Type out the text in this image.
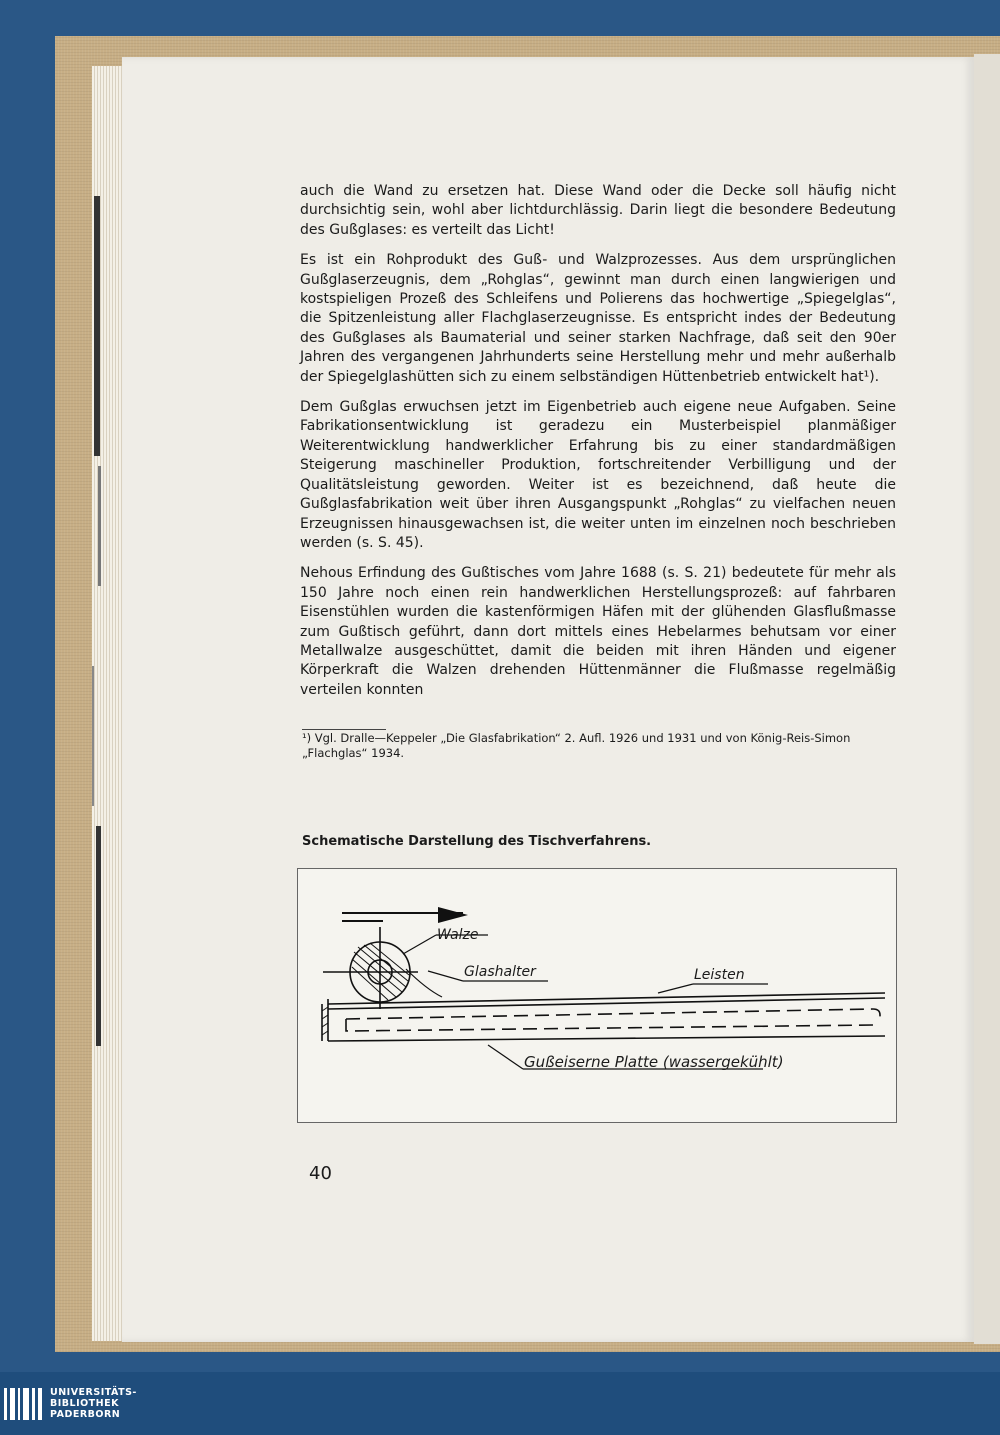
auch die Wand zu ersetzen hat. Diese Wand oder die Decke soll häufig nicht durchsichtig sein, wohl aber lichtdurchlässig. Darin liegt die besondere Bedeutung des Gußglases: es verteilt das Licht!

Es ist ein Rohprodukt des Guß- und Walzprozesses. Aus dem ursprünglichen Gußglaserzeugnis, dem „Rohglas“, gewinnt man durch einen langwierigen und kostspieligen Prozeß des Schleifens und Polierens das hochwertige „Spiegelglas“, die Spitzenleistung aller Flachglaserzeugnisse. Es entspricht indes der Bedeutung des Gußglases als Baumaterial und seiner starken Nachfrage, daß seit den 90er Jahren des vergangenen Jahrhunderts seine Herstellung mehr und mehr außerhalb der Spiegelglashütten sich zu einem selbständigen Hüttenbetrieb entwickelt hat¹).

Dem Gußglas erwuchsen jetzt im Eigenbetrieb auch eigene neue Aufgaben. Seine Fabrikationsentwicklung ist geradezu ein Musterbeispiel planmäßiger Weiterentwicklung handwerklicher Erfahrung bis zu einer standardmäßigen Steigerung maschineller Produktion, fortschreitender Verbilligung und der Qualitätsleistung geworden. Weiter ist es bezeichnend, daß heute die Gußglasfabrikation weit über ihren Ausgangspunkt „Rohglas“ zu vielfachen neuen Erzeugnissen hinausgewachsen ist, die weiter unten im einzelnen noch beschrieben werden (s. S. 45).

Nehous Erfindung des Gußtisches vom Jahre 1688 (s. S. 21) bedeutete für mehr als 150 Jahre noch einen rein handwerklichen Herstellungsprozeß: auf fahrbaren Eisenstühlen wurden die kastenförmigen Häfen mit der glühenden Glasflußmasse zum Gußtisch geführt, dann dort mittels eines Hebelarmes behutsam vor einer Metallwalze ausgeschüttet, damit die beiden mit ihren Händen und eigener Körperkraft die Walzen drehenden Hüttenmänner die Flußmasse regelmäßig verteilen konnten

¹) Vgl. Dralle—Keppeler „Die Glasfabrikation“ 2. Aufl. 1926 und 1931 und von König-Reis-Simon „Flachglas“ 1934.
Schematische Darstellung des Tischverfahrens.
Walze
Glashalter	Leisten
Gußeiserne Platte (wassergekühlt)
40
UNIVERSITÄTS-
BIBLIOTHEK
PADERBORN
